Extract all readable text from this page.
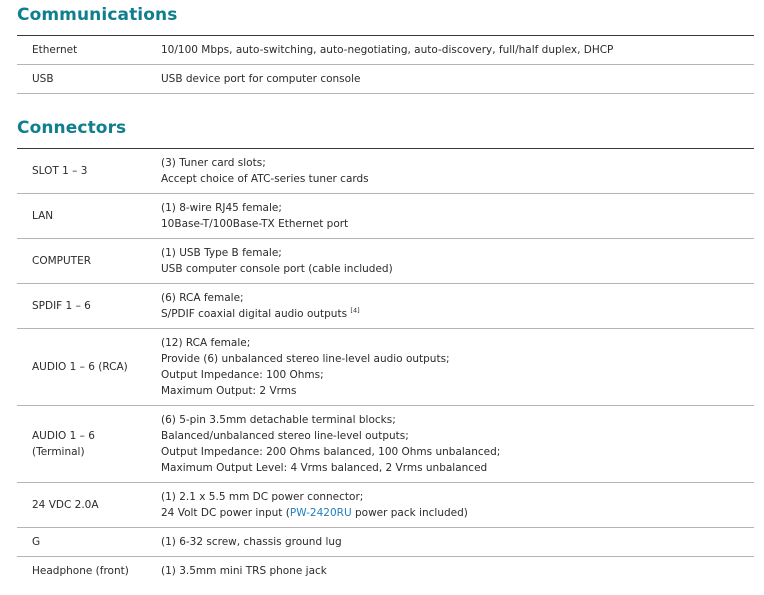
Communications
Ethernet	10/100 Mbps, auto-switching, auto-negotiating, auto-discovery, full/half duplex, DHCP

USB	USB device port for computer console
Connectors
SLOT 1 – 3	(3) Tuner card slots;
Accept choice of ATC-series tuner cards

LAN	(1) 8-wire RJ45 female;
10Base-T/100Base-TX Ethernet port

COMPUTER	(1) USB Type B female;
USB computer console port (cable included)

SPDIF 1 – 6	(6) RCA female;
S/PDIF coaxial digital audio outputs [4]

AUDIO 1 – 6 (RCA)	(12) RCA female;
Provide (6) unbalanced stereo line-level audio outputs;
Output Impedance: 100 Ohms;
Maximum Output: 2 Vrms

AUDIO 1 – 6
(Terminal)	(6) 5-pin 3.5mm detachable terminal blocks;
Balanced/unbalanced stereo line-level outputs;
Output Impedance: 200 Ohms balanced, 100 Ohms unbalanced;
Maximum Output Level: 4 Vrms balanced, 2 Vrms unbalanced

24 VDC 2.0A	(1) 2.1 x 5.5 mm DC power connector;
24 Volt DC power input (PW-2420RU power pack included)

G	(1) 6-32 screw, chassis ground lug

Headphone (front)	(1) 3.5mm mini TRS phone jack
